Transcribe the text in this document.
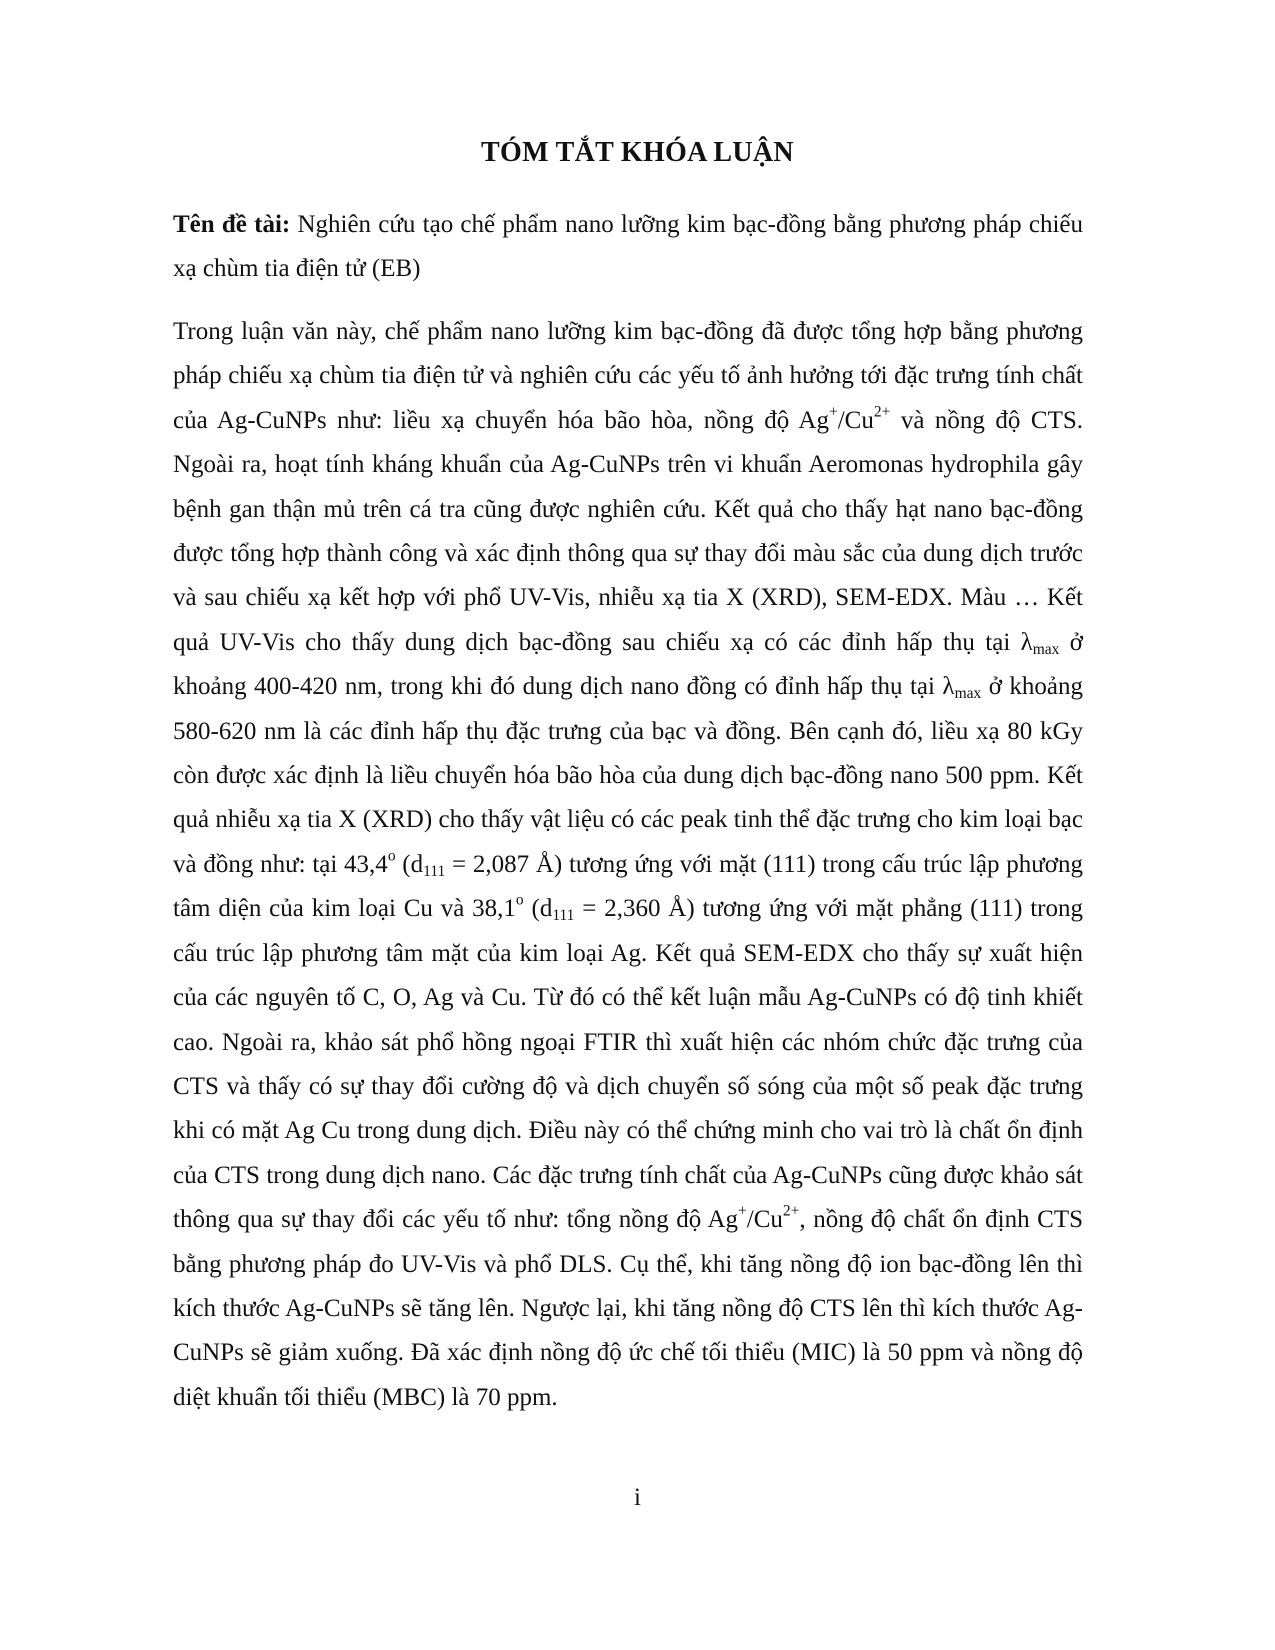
TÓM TẮT KHÓA LUẬN
Tên đề tài: Nghiên cứu tạo chế phẩm nano lưỡng kim bạc-đồng bằng phương pháp chiếu xạ chùm tia điện tử (EB)
Trong luận văn này, chế phẩm nano lưỡng kim bạc-đồng đã được tổng hợp bằng phương pháp chiếu xạ chùm tia điện tử và nghiên cứu các yếu tố ảnh hưởng tới đặc trưng tính chất của Ag-CuNPs như: liều xạ chuyển hóa bão hòa, nồng độ $Ag^+/Cu^{2+}$ và nồng độ CTS. Ngoài ra, hoạt tính kháng khuẩn của Ag-CuNPs trên vi khuẩn Aeromonas hydrophila gây bệnh gan thận mủ trên cá tra cũng được nghiên cứu. Kết quả cho thấy hạt nano bạc-đồng được tổng hợp thành công và xác định thông qua sự thay đổi màu sắc của dung dịch trước và sau chiếu xạ kết hợp với phổ UV-Vis, nhiễu xạ tia X (XRD), SEM-EDX. Màu … Kết quả UV-Vis cho thấy dung dịch bạc-đồng sau chiếu xạ có các đỉnh hấp thụ tại $\lambda_{max}$ ở khoảng 400-420 nm, trong khi đó dung dịch nano đồng có đỉnh hấp thụ tại $\lambda_{max}$ ở khoảng 580-620 nm là các đỉnh hấp thụ đặc trưng của bạc và đồng. Bên cạnh đó, liều xạ 80 kGy còn được xác định là liều chuyển hóa bão hòa của dung dịch bạc-đồng nano 500 ppm. Kết quả nhiễu xạ tia X (XRD) cho thấy vật liệu có các peak tinh thể đặc trưng cho kim loại bạc và đồng như: tại 43,4$^o$ ($d_{111} = 2,087$ Å) tương ứng với mặt (111) trong cấu trúc lập phương tâm diện của kim loại Cu và 38,1$^o$ ($d_{111} = 2,360$ Å) tương ứng với mặt phẳng (111) trong cấu trúc lập phương tâm mặt của kim loại Ag. Kết quả SEM-EDX cho thấy sự xuất hiện của các nguyên tố C, O, Ag và Cu. Từ đó có thể kết luận mẫu Ag-CuNPs có độ tinh khiết cao. Ngoài ra, khảo sát phổ hồng ngoại FTIR thì xuất hiện các nhóm chức đặc trưng của CTS và thấy có sự thay đổi cường độ và dịch chuyển số sóng của một số peak đặc trưng khi có mặt Ag Cu trong dung dịch. Điều này có thể chứng minh cho vai trò là chất ổn định của CTS trong dung dịch nano. Các đặc trưng tính chất của Ag-CuNPs cũng được khảo sát thông qua sự thay đổi các yếu tố như: tổng nồng độ $Ag^+/Cu^{2+}$, nồng độ chất ổn định CTS bằng phương pháp đo UV-Vis và phổ DLS. Cụ thể, khi tăng nồng độ ion bạc-đồng lên thì kích thước Ag-CuNPs sẽ tăng lên. Ngược lại, khi tăng nồng độ CTS lên thì kích thước Ag-CuNPs sẽ giảm xuống. Đã xác định nồng độ ức chế tối thiểu (MIC) là 50 ppm và nồng độ diệt khuẩn tối thiểu (MBC) là 70 ppm.
i
